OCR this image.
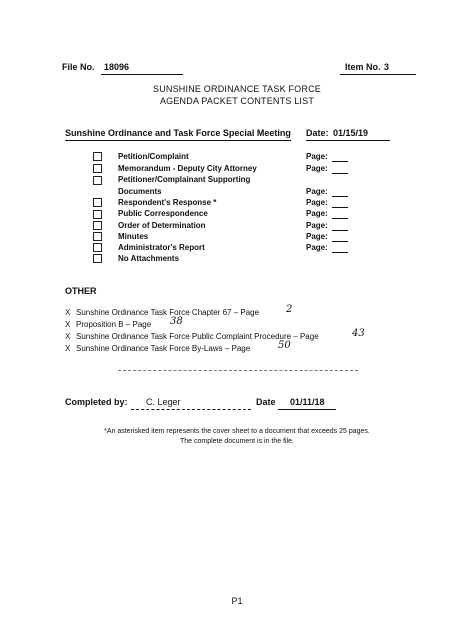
File No. 18096	Item No. 3
SUNSHINE ORDINANCE TASK FORCE
AGENDA PACKET CONTENTS LIST
Sunshine Ordinance and Task Force Special Meeting Date: 01/15/19
Petition/Complaint	Page:
Memorandum - Deputy City Attorney	Page:
Petitioner/Complainant Supporting
Documents	Page:
Respondent's Response *	Page:
Public Correspondence	Page:
Order of Determination	Page:
Minutes	Page:
Administrator's Report	Page:
No Attachments
OTHER
X Sunshine Ordinance Task Force Chapter 67 – Page	2
X Proposition B – Page 38
X Sunshine Ordinance Task Force Public Complaint Procedure – Page	43
X Sunshine Ordinance Task Force By-Laws – Page	50
Completed by: C. Leger	Date 01/11/18
*An asterisked item represents the cover sheet to a document that exceeds 25 pages.
The complete document is in the file.
P1
